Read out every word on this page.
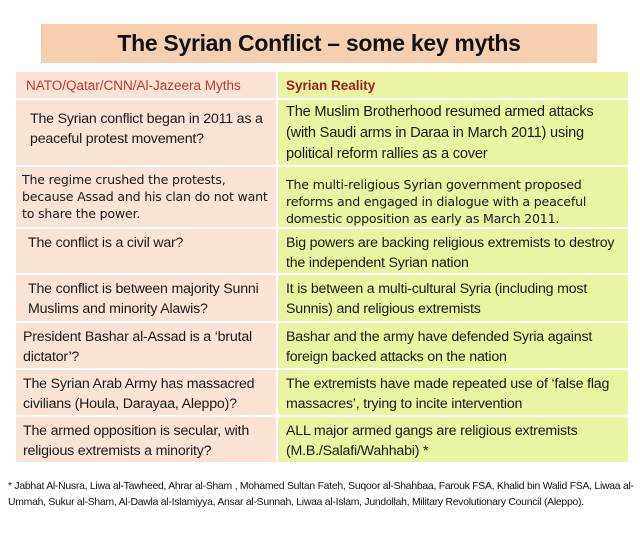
The Syrian Conflict – some key myths
NATO/Qatar/CNN/Al-Jazeera Myths	Syrian Reality
The Syrian conflict began in 2011 as a peaceful protest movement?
The Muslim Brotherhood resumed armed attacks (with Saudi arms in Daraa in March 2011) using political reform rallies as a cover
The regime crushed the protests, because Assad and his clan do not want to share the power.
The multi-religious Syrian government proposed reforms and engaged in dialogue with a peaceful domestic opposition as early as March 2011.
The conflict is a civil war?	Big powers are backing religious extremists to destroy the independent Syrian nation
The conflict is between majority Sunni Muslims and minority Alawis?
It is between a multi-cultural Syria (including most Sunnis) and religious extremists
President Bashar al-Assad is a ‘brutal dictator’?
Bashar and the army have defended Syria against foreign backed attacks on the nation
The Syrian Arab Army has massacred civilians (Houla, Darayaa, Aleppo)?
The extremists have made repeated use of ‘false flag massacres’, trying to incite intervention
The armed opposition is secular, with religious extremists a minority?
ALL major armed gangs are religious extremists (M.B./Salafi/Wahhabi) *
* Jabhat Al-Nusra, Liwa al-Tawheed, Ahrar al-Sham , Mohamed Sultan Fateh, Suqoor al-Shahbaa, Farouk FSA, Khalid bin Walid FSA, Liwaa al-Ummah, Sukur al-Sham, Al-Dawla al-Islamiyya, Ansar al-Sunnah, Liwaa al-Islam, Jundollah, Military Revolutionary Council (Aleppo).
